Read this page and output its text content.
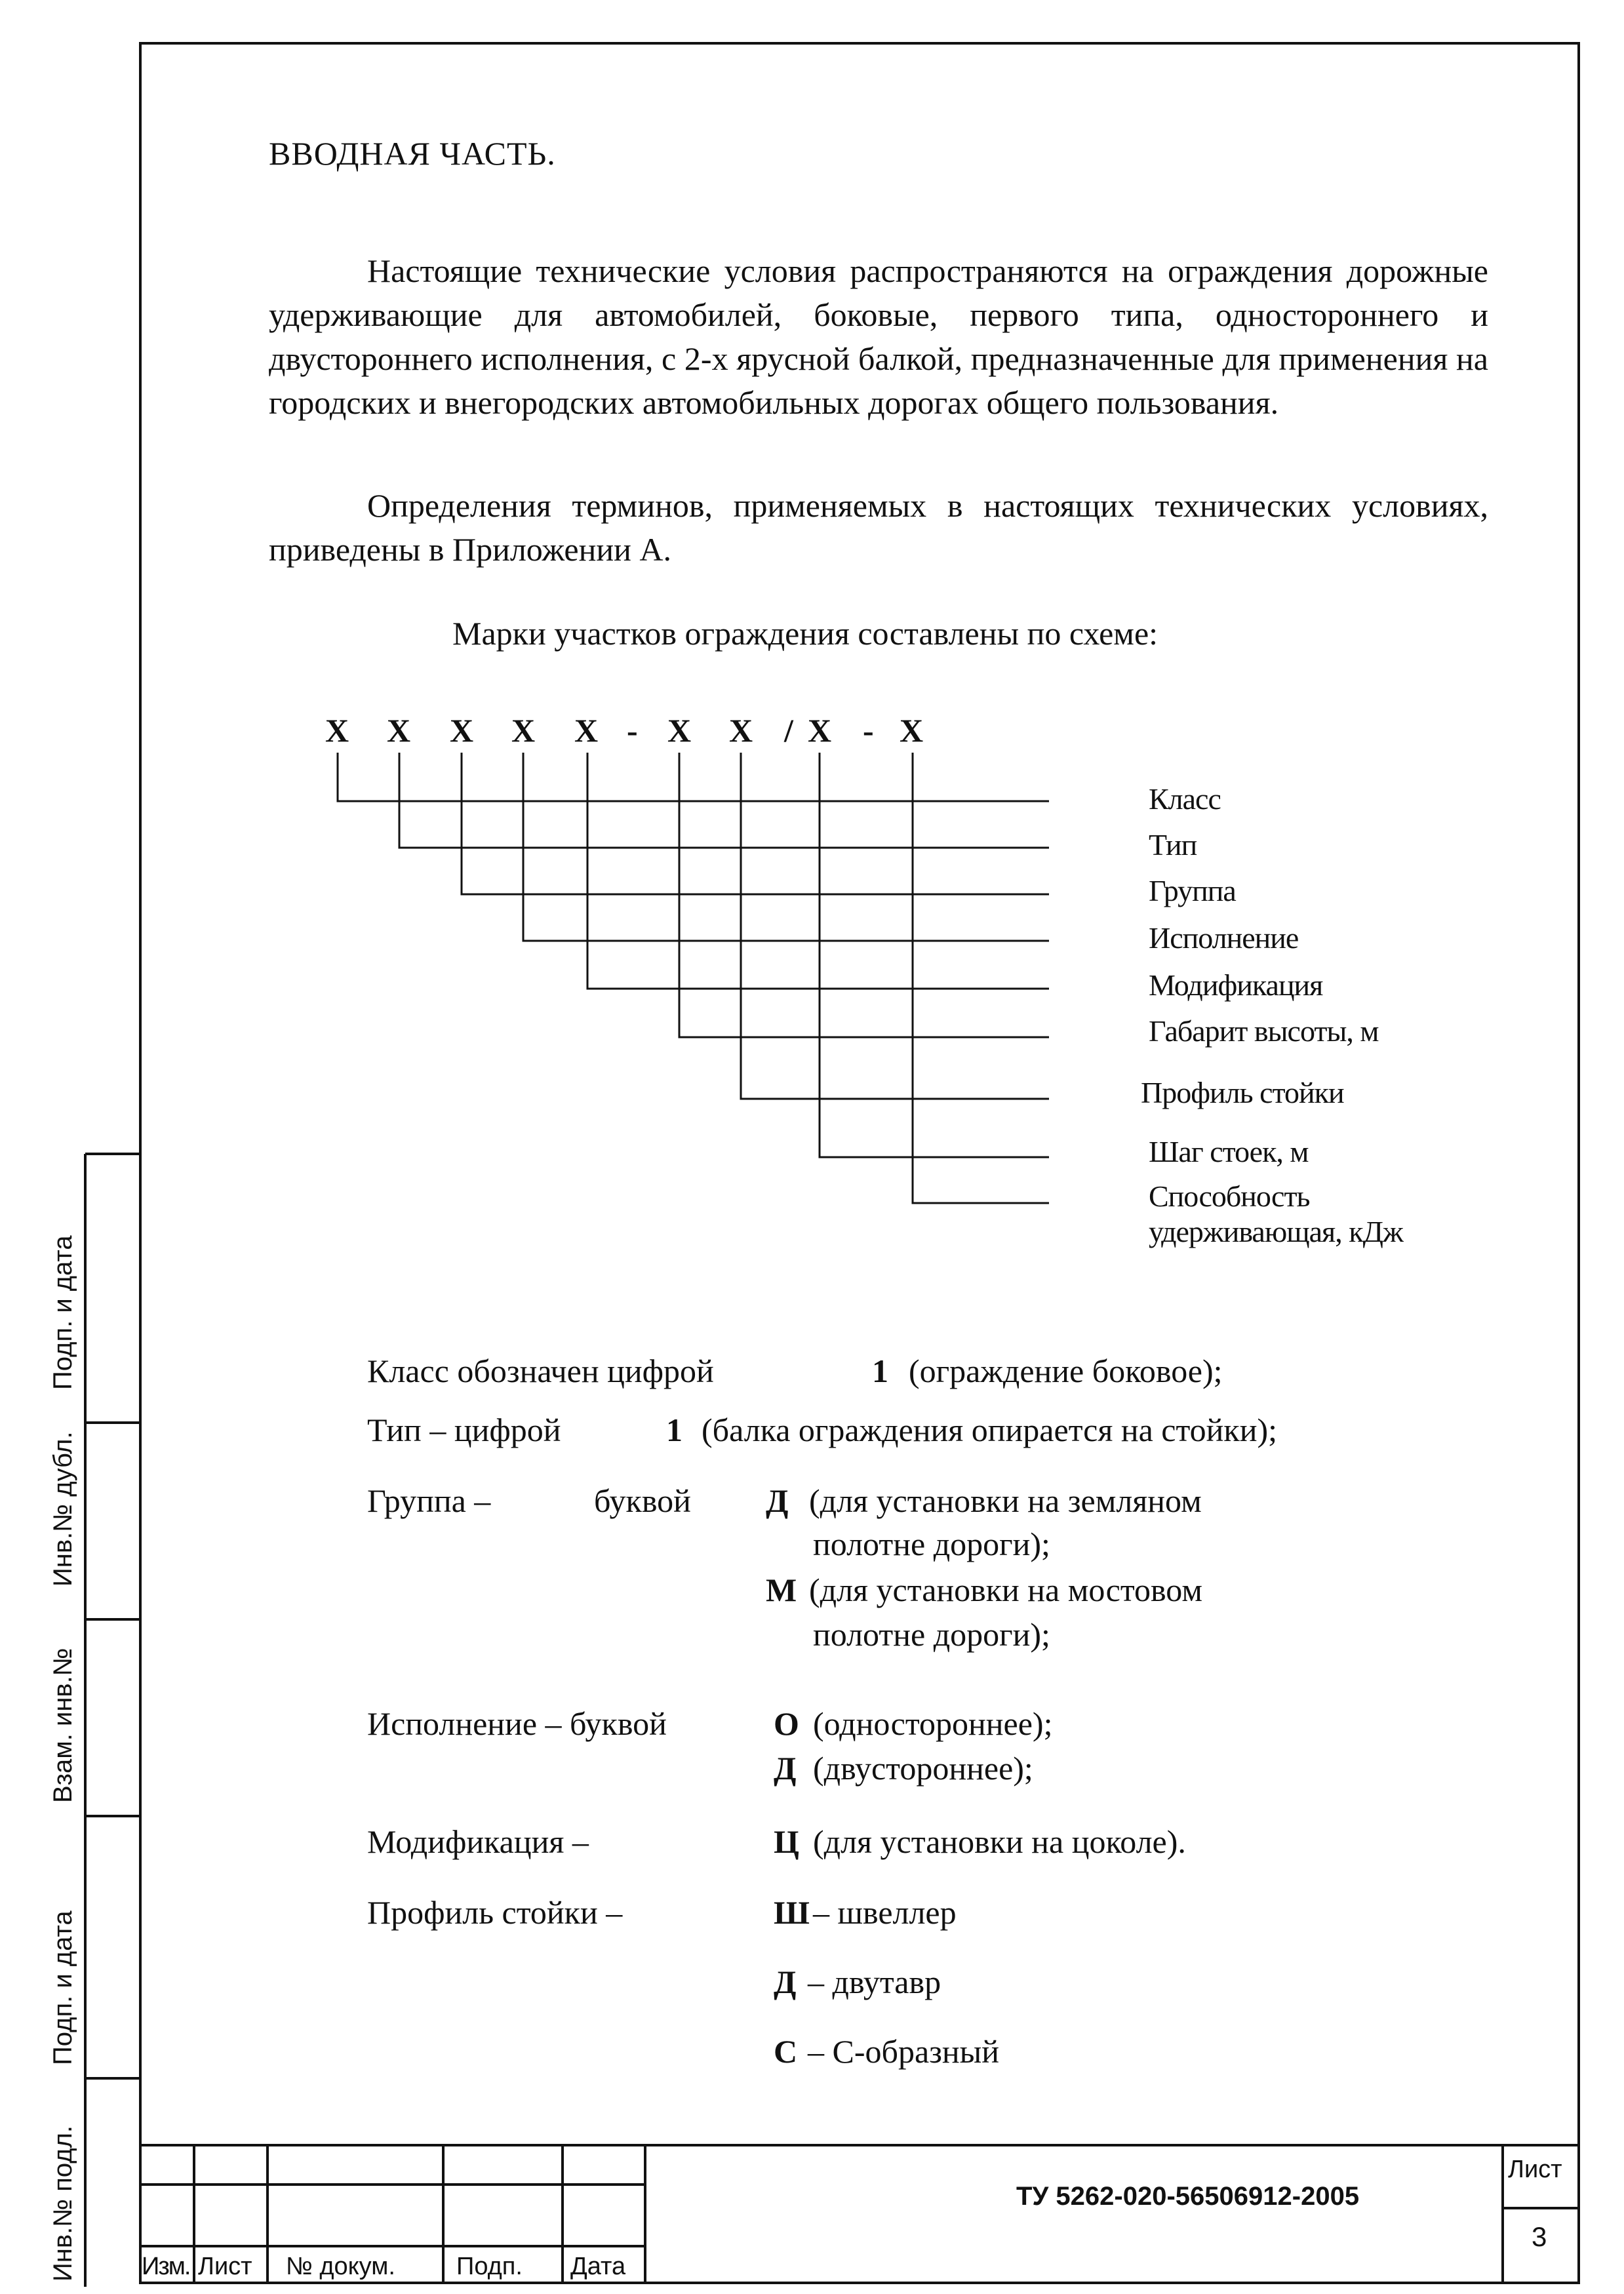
ВВОДНАЯ ЧАСТЬ.

Настоящие технические условия распространяются на ограждения дорожные удерживающие для автомобилей, боковые, первого типа, одностороннего и двустороннего исполнения, с 2-х ярусной балкой, предназначенные для применения на городских и внегородских автомобильных дорогах общего пользования.

Определения терминов, применяемых в настоящих технических условиях, приведены в Приложении А.

Марки участков ограждения составлены по схеме:
Х Х Х Х Х - Х Х / Х - Х
Класс
Тип
Группа
Исполнение
Модификация
Габарит высоты, м
Профиль стойки
Шаг стоек, м
Способность
удерживающая, кДж
Класс обозначен цифрой	1 (ограждение боковое);
Тип – цифрой	1 (балка ограждения опирается на стойки);
Группа –	буквой Д (для установки на земляном
полотне дороги);
М (для установки на мостовом
полотне дороги);
Исполнение – буквой	О (одностороннее);
Д (двустороннее);
Модификация –	Ц (для установки на цоколе).
Профиль стойки –	Ш – швеллер
Д – двутавр
С – С-образный
Подп. и дата
Инв.№ дубл.
Взам. инв.№
Подп. и дата
Инв.№ подл.	Изм. Лист № докум. Подп. Дата
ТУ 5262-020-56506912-2005
Лист
3
